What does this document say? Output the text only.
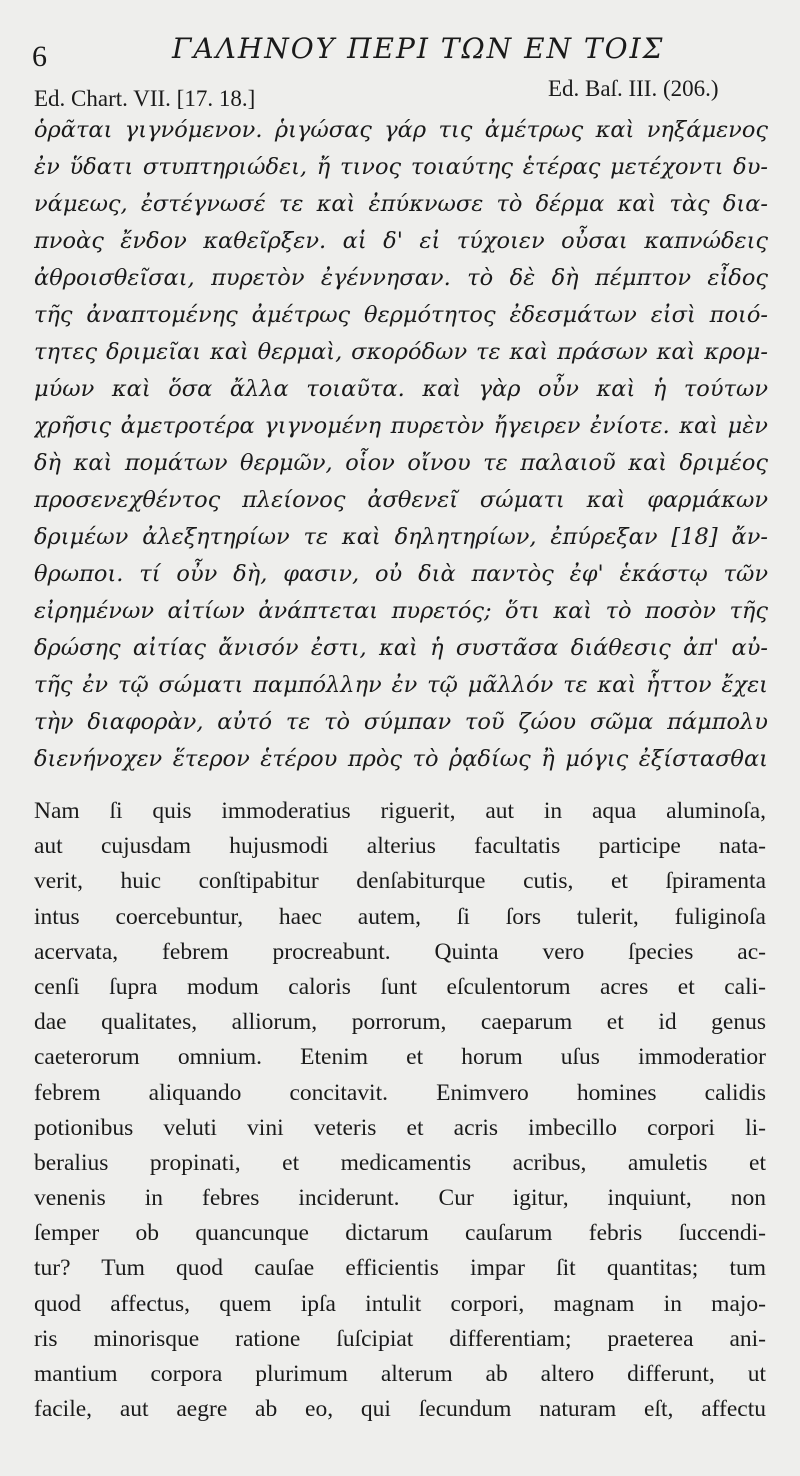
6	ΓΑΛΗΝΟΥ ΠΕΡΙ ΤΩΝ ΕΝ ΤΟΙΣ
Ed. Chart. VII. [17. 18.]	Ed. Baſ. III. (206.)
ὁρᾶται γιγνόμενον. ῥιγώσας γάρ τις ἀμέτρως καὶ νηξάμενος
ἐν ὕδατι στυπτηριώδει, ἤ τινος τοιαύτης ἑτέρας μετέχοντι δυ-
νάμεως, ἐστέγνωσέ τε καὶ ἐπύκνωσε τὸ δέρμα καὶ τὰς δια-
πνοὰς ἔνδον καθεῖρξεν. αἱ δ' εἰ τύχοιεν οὖσαι καπνώδεις
ἀθροισθεῖσαι, πυρετὸν ἐγέννησαν. τὸ δὲ δὴ πέμπτον εἶδος
τῆς ἀναπτομένης ἀμέτρως θερμότητος ἐδεσμάτων εἰσὶ ποιό-
τητες δριμεῖαι καὶ θερμαὶ, σκορόδων τε καὶ πράσων καὶ κρομ-
μύων καὶ ὅσα ἄλλα τοιαῦτα. καὶ γὰρ οὖν καὶ ἡ τούτων
χρῆσις ἀμετροτέρα γιγνομένη πυρετὸν ἤγειρεν ἐνίοτε. καὶ μὲν
δὴ καὶ πομάτων θερμῶν, οἷον οἴνου τε παλαιοῦ καὶ δριμέος
προσενεχθέντος πλείονος ἀσθενεῖ σώματι καὶ φαρμάκων
δριμέων ἀλεξητηρίων τε καὶ δηλητηρίων, ἐπύρεξαν [18] ἄν-
θρωποι. τί οὖν δὴ, φασιν, οὐ διὰ παντὸς ἐφ' ἑκάστῳ τῶν
εἰρημένων αἰτίων ἀνάπτεται πυρετός; ὅτι καὶ τὸ ποσὸν τῆς
δρώσης αἰτίας ἄνισόν ἐστι, καὶ ἡ συστᾶσα διάθεσις ἀπ' αὐ-
τῆς ἐν τῷ σώματι παμπόλλην ἐν τῷ μᾶλλόν τε καὶ ἧττον ἔχει
τὴν διαφορὰν, αὐτό τε τὸ σύμπαν τοῦ ζώου σῶμα πάμπολυ
διενήνοχεν ἕτερον ἑτέρου πρὸς τὸ ῥᾳδίως ἢ μόγις ἐξίστασθαι
Nam ſi quis immoderatius riguerit, aut in aqua aluminoſa,
aut cujusdam hujusmodi alterius facultatis participe nata-
verit, huic conſtipabitur denſabiturque cutis, et ſpiramenta
intus coercebuntur, haec autem, ſi ſors tulerit, fuliginoſa
acervata, febrem procreabunt. Quinta vero ſpecies ac-
cenſi ſupra modum caloris ſunt eſculentorum acres et cali-
dae qualitates, alliorum, porrorum, caeparum et id genus
caeterorum omnium. Etenim et horum uſus immoderatior
febrem aliquando concitavit. Enimvero homines calidis
potionibus veluti vini veteris et acris imbecillo corpori li-
beralius propinati, et medicamentis acribus, amuletis et
venenis in febres inciderunt. Cur igitur, inquiunt, non
ſemper ob quancunque dictarum cauſarum febris ſuccendi-
tur? Tum quod cauſae efficientis impar ſit quantitas; tum
quod affectus, quem ipſa intulit corpori, magnam in majo-
ris minorisque ratione ſuſcipiat differentiam; praeterea ani-
mantium corpora plurimum alterum ab altero differunt, ut
facile, aut aegre ab eo, qui ſecundum naturam eſt, affectu
